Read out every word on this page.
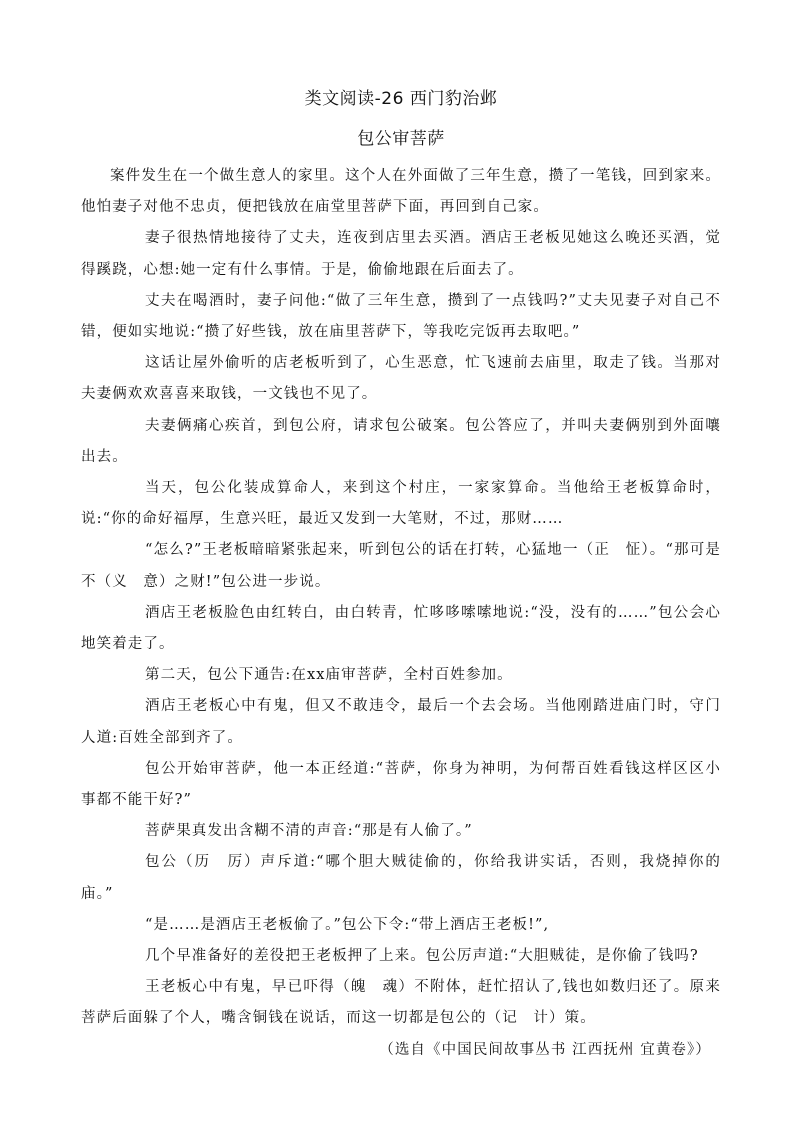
类文阅读-26 西门豹治邺
包公审菩萨

案件发生在一个做生意人的家里。这个人在外面做了三年生意，攒了一笔钱，回到家来。他怕妻子对他不忠贞，便把钱放在庙堂里菩萨下面，再回到自己家。

妻子很热情地接待了丈夫，连夜到店里去买酒。酒店王老板见她这么晚还买酒，觉得蹊跷，心想:她一定有什么事情。于是，偷偷地跟在后面去了。

丈夫在喝酒时，妻子问他:“做了三年生意，攒到了一点钱吗?”丈夫见妻子对自己不错，便如实地说:“攒了好些钱，放在庙里菩萨下，等我吃完饭再去取吧。”

这话让屋外偷听的店老板听到了，心生恶意，忙飞速前去庙里，取走了钱。当那对夫妻俩欢欢喜喜来取钱，一文钱也不见了。

夫妻俩痛心疾首，到包公府，请求包公破案。包公答应了，并叫夫妻俩别到外面嚷出去。

当天，包公化装成算命人，来到这个村庄，一家家算命。当他给王老板算命时，说:“你的命好福厚，生意兴旺，最近又发到一大笔财，不过，那财……

“怎么?”王老板暗暗紧张起来，听到包公的话在打转，心猛地一（正　怔）。“那可是不（义　意）之财!”包公进一步说。

酒店王老板脸色由红转白，由白转青，忙哆哆嗦嗦地说:“没，没有的……”包公会心地笑着走了。

第二天，包公下通告:在xx庙审菩萨，全村百姓参加。

酒店王老板心中有鬼，但又不敢违令，最后一个去会场。当他刚踏进庙门时，守门人道:百姓全部到齐了。

包公开始审菩萨，他一本正经道:“菩萨，你身为神明，为何帮百姓看钱这样区区小事都不能干好?”

菩萨果真发出含糊不清的声音:“那是有人偷了。”

包公（历　厉）声斥道:“哪个胆大贼徒偷的，你给我讲实话，否则，我烧掉你的庙。”

“是……是酒店王老板偷了。”包公下令:“带上酒店王老板!”,

几个早准备好的差役把王老板押了上来。包公厉声道:“大胆贼徒，是你偷了钱吗?

王老板心中有鬼，早已吓得（魄　魂）不附体，赶忙招认了,钱也如数归还了。原来菩萨后面躲了个人，嘴含铜钱在说话，而这一切都是包公的（记　计）策。

（选自《中国民间故事丛书 江西抚州 宜黄卷》）
